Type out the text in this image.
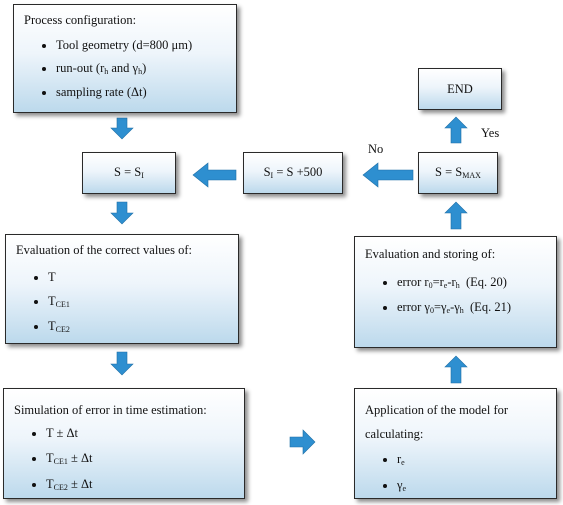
Process configuration:
Tool geometry (d=800 μm)
run-out ($r_h$ and $\gamma_h$)
sampling rate (Δt)
$S = S_I$	$S_I = S +500$	$S = S_{MAX}$
END
No
Yes
Evaluation of the correct values of:
T
$T_{CE1}$
$T_{CE2}$
Simulation of error in time estimation:
T ± Δt
$T_{CE1} \pm \Delta t$
$T_{CE2} \pm \Delta t$
Application of the model for
calculating:
$r_e$
$\gamma_e$
Evaluation and storing of:
error $r_0=r_e-r_h$  (Eq. 20)
error $\gamma_0=\gamma_e-\gamma_h$  (Eq. 21)
